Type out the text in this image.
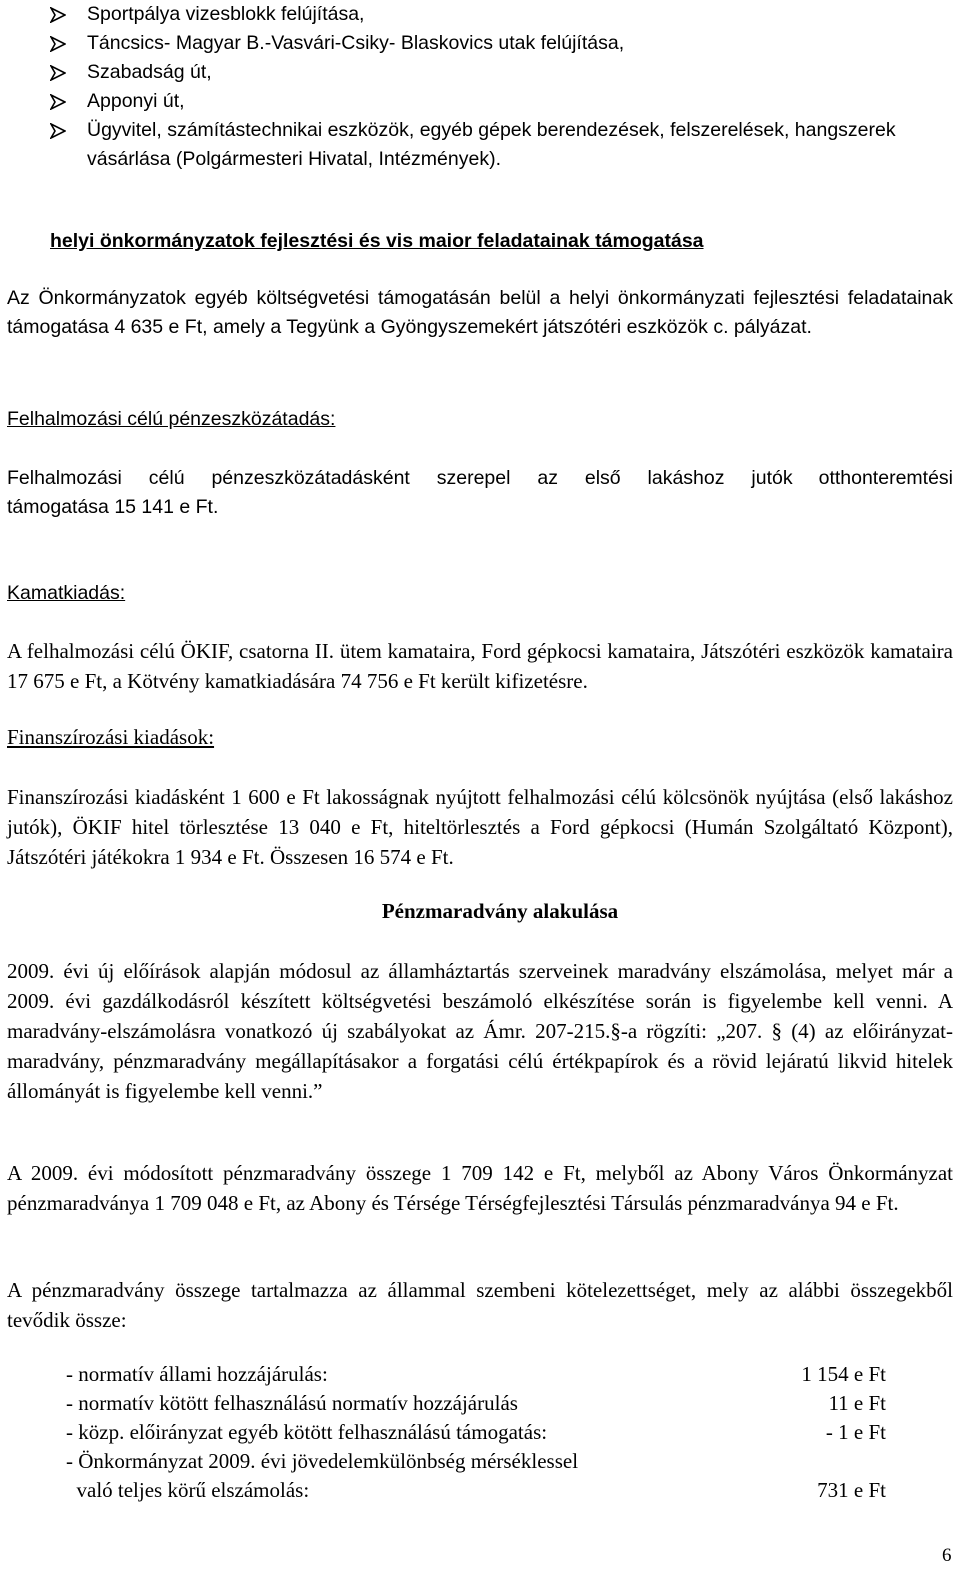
Sportpálya vizesblokk felújítása,
Táncsics- Magyar B.-Vasvári-Csiky- Blaskovics utak felújítása,
Szabadság út,
Apponyi út,
Ügyvitel, számítástechnikai eszközök, egyéb gépek berendezések, felszerelések, hangszerek vásárlása (Polgármesteri Hivatal, Intézmények).
helyi önkormányzatok fejlesztési és vis maior feladatainak támogatása

Az Önkormányzatok egyéb költségvetési támogatásán belül a helyi önkormányzati fejlesztési feladatainak támogatása 4 635 e Ft, amely a Tegyünk a Gyöngyszemekért játszótéri eszközök c. pályázat.

Felhalmozási célú pénzeszközátadás:

Felhalmozási célú pénzeszközátadásként szerepel az első lakáshoz jutók otthonteremtési támogatása 15 141 e Ft.

Kamatkiadás:

A felhalmozási célú ÖKIF, csatorna II. ütem kamataira, Ford gépkocsi kamataira, Játszótéri eszközök kamataira 17 675 e Ft, a Kötvény kamatkiadására 74 756 e Ft került kifizetésre.

Finanszírozási kiadások:

Finanszírozási kiadásként 1 600 e Ft lakosságnak nyújtott felhalmozási célú kölcsönök nyújtása (első lakáshoz jutók), ÖKIF hitel törlesztése 13 040 e Ft, hiteltörlesztés a Ford gépkocsi (Humán Szolgáltató Központ), Játszótéri játékokra 1 934 e Ft. Összesen 16 574 e Ft.

Pénzmaradvány alakulása

2009. évi új előírások alapján módosul az államháztartás szerveinek maradvány elszámolása, melyet már a 2009. évi gazdálkodásról készített költségvetési beszámoló elkészítése során is figyelembe kell venni. A maradvány-elszámolásra vonatkozó új szabályokat az Ámr. 207-215.§-a rögzíti: „207. § (4) az előirányzat- maradvány, pénzmaradvány megállapításakor a forgatási célú értékpapírok és a rövid lejáratú likvid hitelek állományát is figyelembe kell venni.”

A 2009. évi módosított pénzmaradvány összege 1 709 142 e Ft, melyből az Abony Város Önkormányzat pénzmaradványa 1 709 048 e Ft, az Abony és Térsége Térségfejlesztési Társulás pénzmaradványa 94 e Ft.

A pénzmaradvány összege tartalmazza az állammal szembeni kötelezettséget, mely az alábbi összegekből tevődik össze:

- normatív állami hozzájárulás:	1 154 e Ft
- normatív kötött felhasználású normatív hozzájárulás	11 e Ft
- közp. előirányzat egyéb kötött felhasználású támogatás:	- 1 e Ft
- Önkormányzat 2009. évi jövedelemkülönbség mérséklessel
való teljes körű elszámolás:	731 e Ft
6
